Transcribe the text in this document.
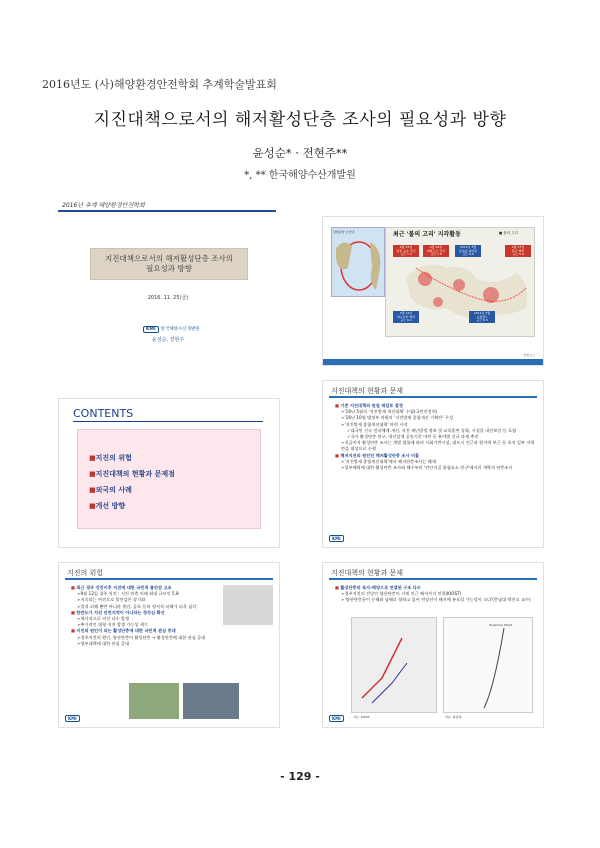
2016년도 (사)해양환경안전학회 추계학술발표회
지진대책으로서의 해저활성단층 조사의 필요성과 방향
윤성순* · 전현주**
*, ** 한국해양수산개발원
2016년 추계 해양환경안전학회
지진대책으로서의 해저활성단층 조사의
필요성과 방향
2016. 11. 25(금)
KMI 한국해양수산개발원
윤성순, 전현주
환태평양 조산대	최근 '불의 고리' 지각활동	■ 불의 고리
4월 15일
일본 규슈 강진
규모 7.3
4월 16일
에콰도르 강진
규모 7.8
2011년 3월
동일본 대지진
규모 9.0
4월 17일
통가 해역
규모 5.9
4월 14일
바누아투 해역
규모 6.4
2011년 2월
뉴질랜드
규모 6.3
연합뉴스
CONTENTS
■ 지진의 위험
■ 지진대책의 현황과 문제점
■ 외국의 사례
■ 개선 방향
지진대책의 현황과 문제
■ 기존 지진대책의 원점 재검토 결정
➢ '16년 5월의 '지진방재 개선대책' 수립(국민안전처)
➢ '16년 10월 범정부 차원의 '지진방재 종합개선 기획단' 구성
➢ '지진방재 종합개선대책' 마련 시작
✓ 대국민 신속 전파체계 개선, 지진 재난발생 정보 및 교육훈련 강화, 시설물 내진보강 등 포함
✓ 국가 활성단층 연구, 내진설계 공통기준 마련 등 분야별 신규 과제 추진
➢ 지금까지 활성단층 조사는 개별 법률에 따라 사회기반시설, 대도시 인근과 원자력 부근 등 육지 일부 지역만을 대상으로 수행
■ 해저지진의 원인인 해저활성단층 조사 미흡
➢ '지진방재 종합개선대책'에서 해저단층조사는 배제
➢ 일부해역에 대한 활성단층 조사와 해수부의 '연안지질 위험요소 연구'에서의 개략적 단층조사
KMI
지진의 위험
■ 최근 경주 강진이후 지진에 대한 국민적 불안감 고조
➢ 9월 12일 경주 지진 : 지진 관측 이래 최대 규모인 5.8
➢ 지속되는 여진으로 불안감은 장기화
➢ 물적 피해 뿐만 아니라 불안, 공포 등의 정서적 피해가 더욱 심각
■ 한반도가 지진 안전지역이 아니라는 경각심 확산
➢ 역사적으로 지진 다수 발생
➢ 추가적인 대형 지진 발생 가능성 제기
■ 지진의 원인이 되는 활성단층에 대한 국민적 관심 증대
➢ 경주지진의 원인, 양산단층이 활성단층 → 활성단층에 대한 관심 증대
➢ 정부대책에 대한 관심 증대
KMI
지진대책의 현황과 문제
■ 활성단층의 육지-해양으로 연결된 구조 다수
➢ 경주지진의 진앙인 양산단층이 거제 인근 해저까지 연결(KIOST)
➢ '양산단층군이 동해와 남해로 향하고 있어 연장선이 해저에 분포할 가능성이 크다'(충남대 박진오 교수)
Tsushima Strait
자료: KIOST	자료: 충남대
KMI
- 129 -
